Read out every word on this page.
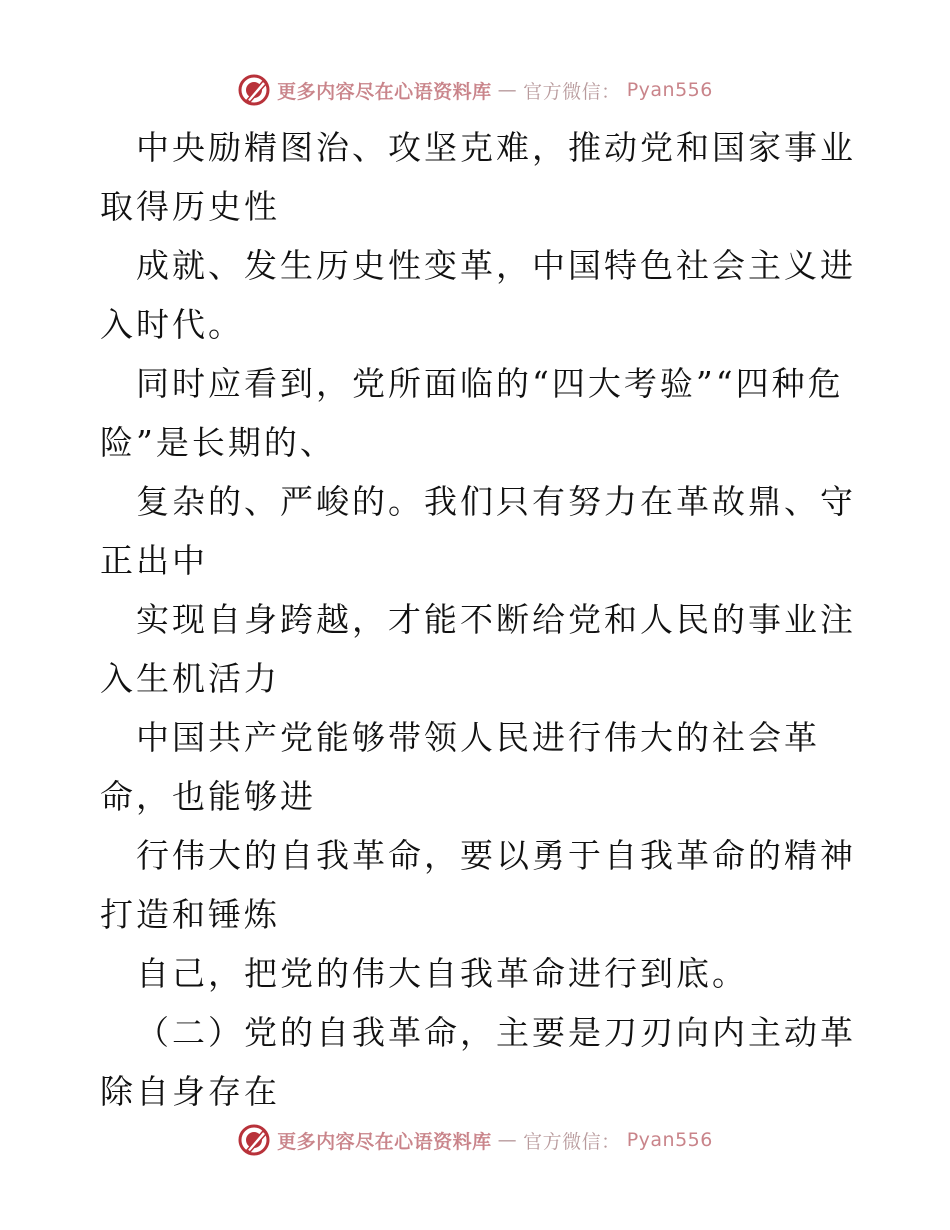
更多内容尽在心语资料库 — 官方微信： Pyan556

中央励精图治、攻坚克难，推动党和国家事业取得历史性

成就、发生历史性变革，中国特色社会主义进入时代。

同时应看到，党所面临的“四大考验”“四种危险”是长期的、

复杂的、严峻的。我们只有努力在革故鼎、守正出中

实现自身跨越，才能不断给党和人民的事业注入生机活力

中国共产党能够带领人民进行伟大的社会革命，也能够进

行伟大的自我革命，要以勇于自我革命的精神打造和锤炼

自己，把党的伟大自我革命进行到底。

（二）党的自我革命，主要是刀刃向内主动革除自身存在

更多内容尽在心语资料库 — 官方微信： Pyan556
